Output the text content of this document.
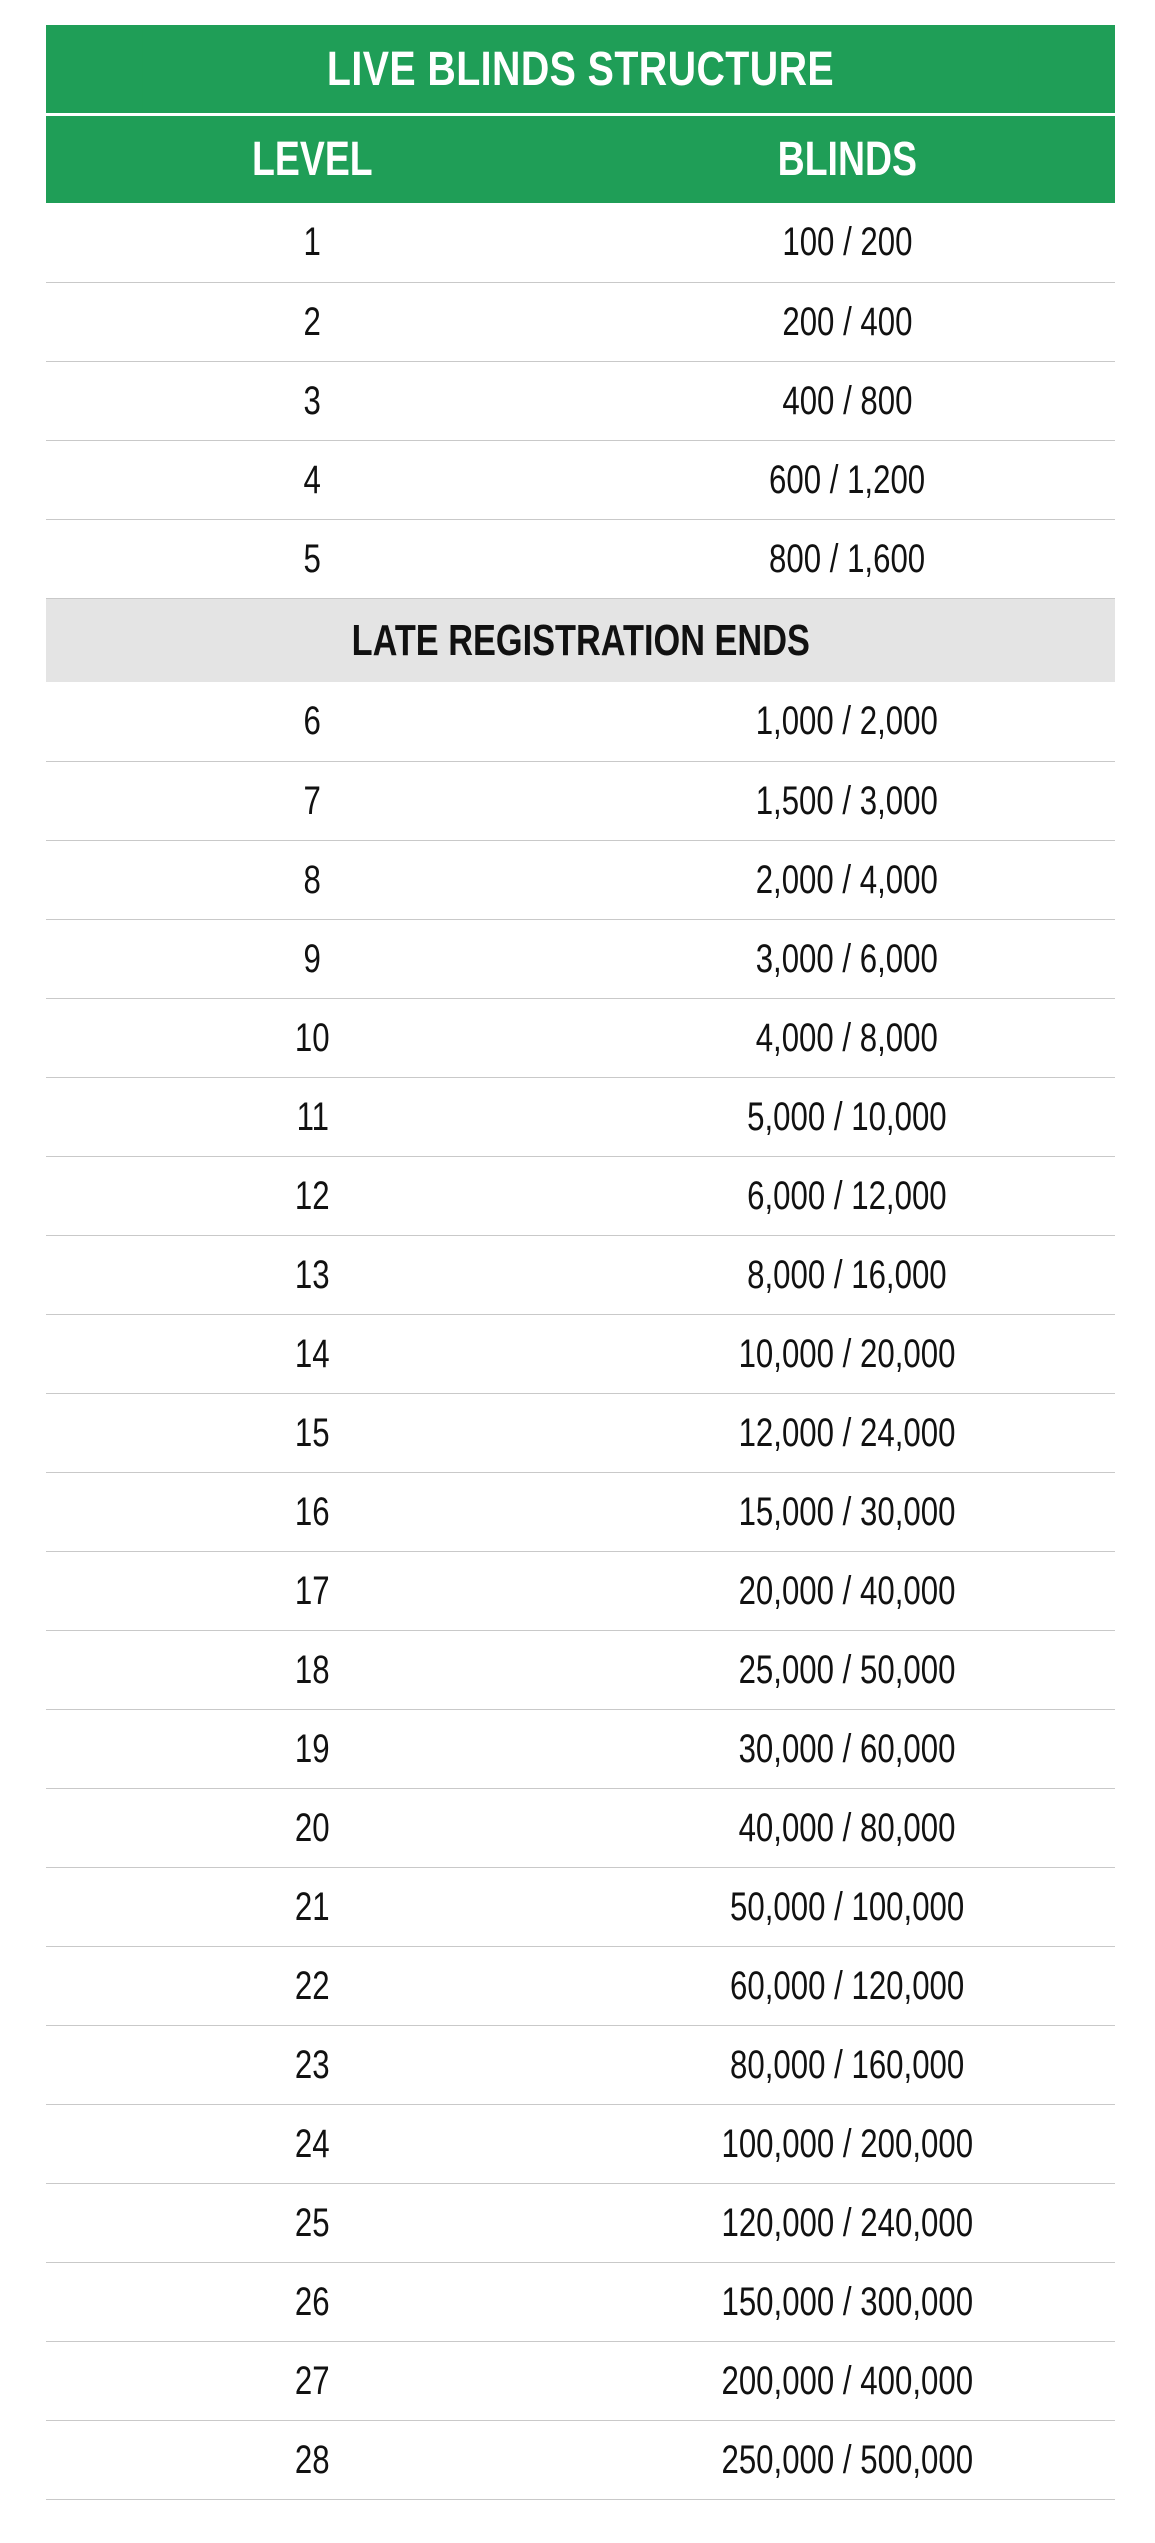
LIVE BLINDS STRUCTURE
LEVEL	BLINDS
1	100 / 200
2	200 / 400
3	400 / 800
4	600 / 1,200
5	800 / 1,600
LATE REGISTRATION ENDS
6	1,000 / 2,000
7	1,500 / 3,000
8	2,000 / 4,000
9	3,000 / 6,000
10	4,000 / 8,000
11	5,000 / 10,000
12	6,000 / 12,000
13	8,000 / 16,000
14	10,000 / 20,000
15	12,000 / 24,000
16	15,000 / 30,000
17	20,000 / 40,000
18	25,000 / 50,000
19	30,000 / 60,000
20	40,000 / 80,000
21	50,000 / 100,000
22	60,000 / 120,000
23	80,000 / 160,000
24	100,000 / 200,000
25	120,000 / 240,000
26	150,000 / 300,000
27	200,000 / 400,000
28	250,000 / 500,000
